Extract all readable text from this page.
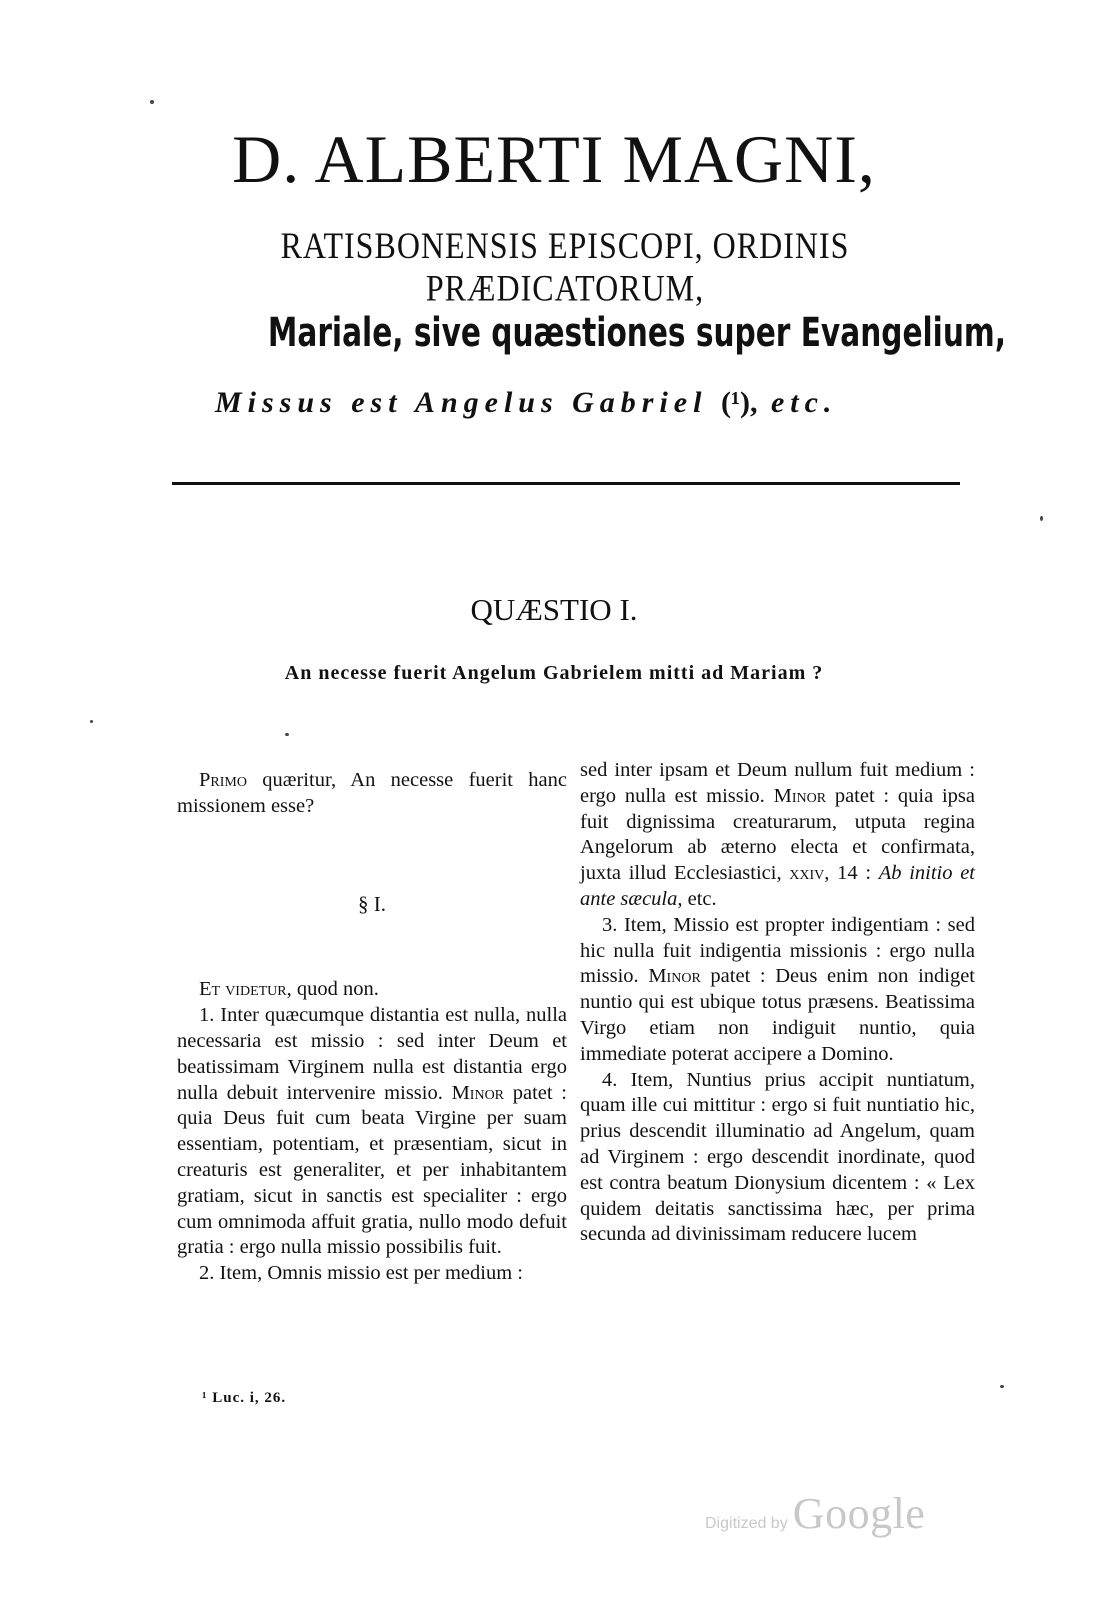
D. ALBERTI MAGNI,
RATISBONENSIS EPISCOPI, ORDINIS PRÆDICATORUM,
Mariale, sive quæstiones super Evangelium,
Missus est Angelus Gabriel (¹), etc.
QUÆSTIO I.
An necesse fuerit Angelum Gabrielem mitti ad Mariam ?

Primo quæritur, An necesse fuerit hanc missionem esse?

§ I.

Et videtur, quod non.

1. Inter quæcumque distantia est nulla, nulla necessaria est missio : sed inter Deum et beatissimam Virginem nulla est distantia ergo nulla debuit intervenire missio. Minor patet : quia Deus fuit cum beata Virgine per suam essentiam, potentiam, et præsentiam, sicut in creaturis est generaliter, et per inhabitantem gratiam, sicut in sanctis est specialiter : ergo cum omnimoda affuit gratia, nullo modo defuit gratia : ergo nulla missio possibilis fuit.

2. Item, Omnis missio est per medium :

sed inter ipsam et Deum nullum fuit medium : ergo nulla est missio. Minor patet : quia ipsa fuit dignissima creaturarum, utputa regina Angelorum ab æterno electa et confirmata, juxta illud Ecclesiastici, xxiv, 14 : Ab initio et ante sæcula, etc.

3. Item, Missio est propter indigentiam : sed hic nulla fuit indigentia missionis : ergo nulla missio. Minor patet : Deus enim non indiget nuntio qui est ubique totus præsens. Beatissima Virgo etiam non indiguit nuntio, quia immediate poterat accipere a Domino.

4. Item, Nuntius prius accipit nuntiatum, quam ille cui mittitur : ergo si fuit nuntiatio hic, prius descendit illuminatio ad Angelum, quam ad Virginem : ergo descendit inordinate, quod est contra beatum Dionysium dicentem : « Lex quidem deitatis sanctissima hæc, per prima secunda ad divinissimam reducere lucem

¹ Luc. i, 26.
Digitized by Google
